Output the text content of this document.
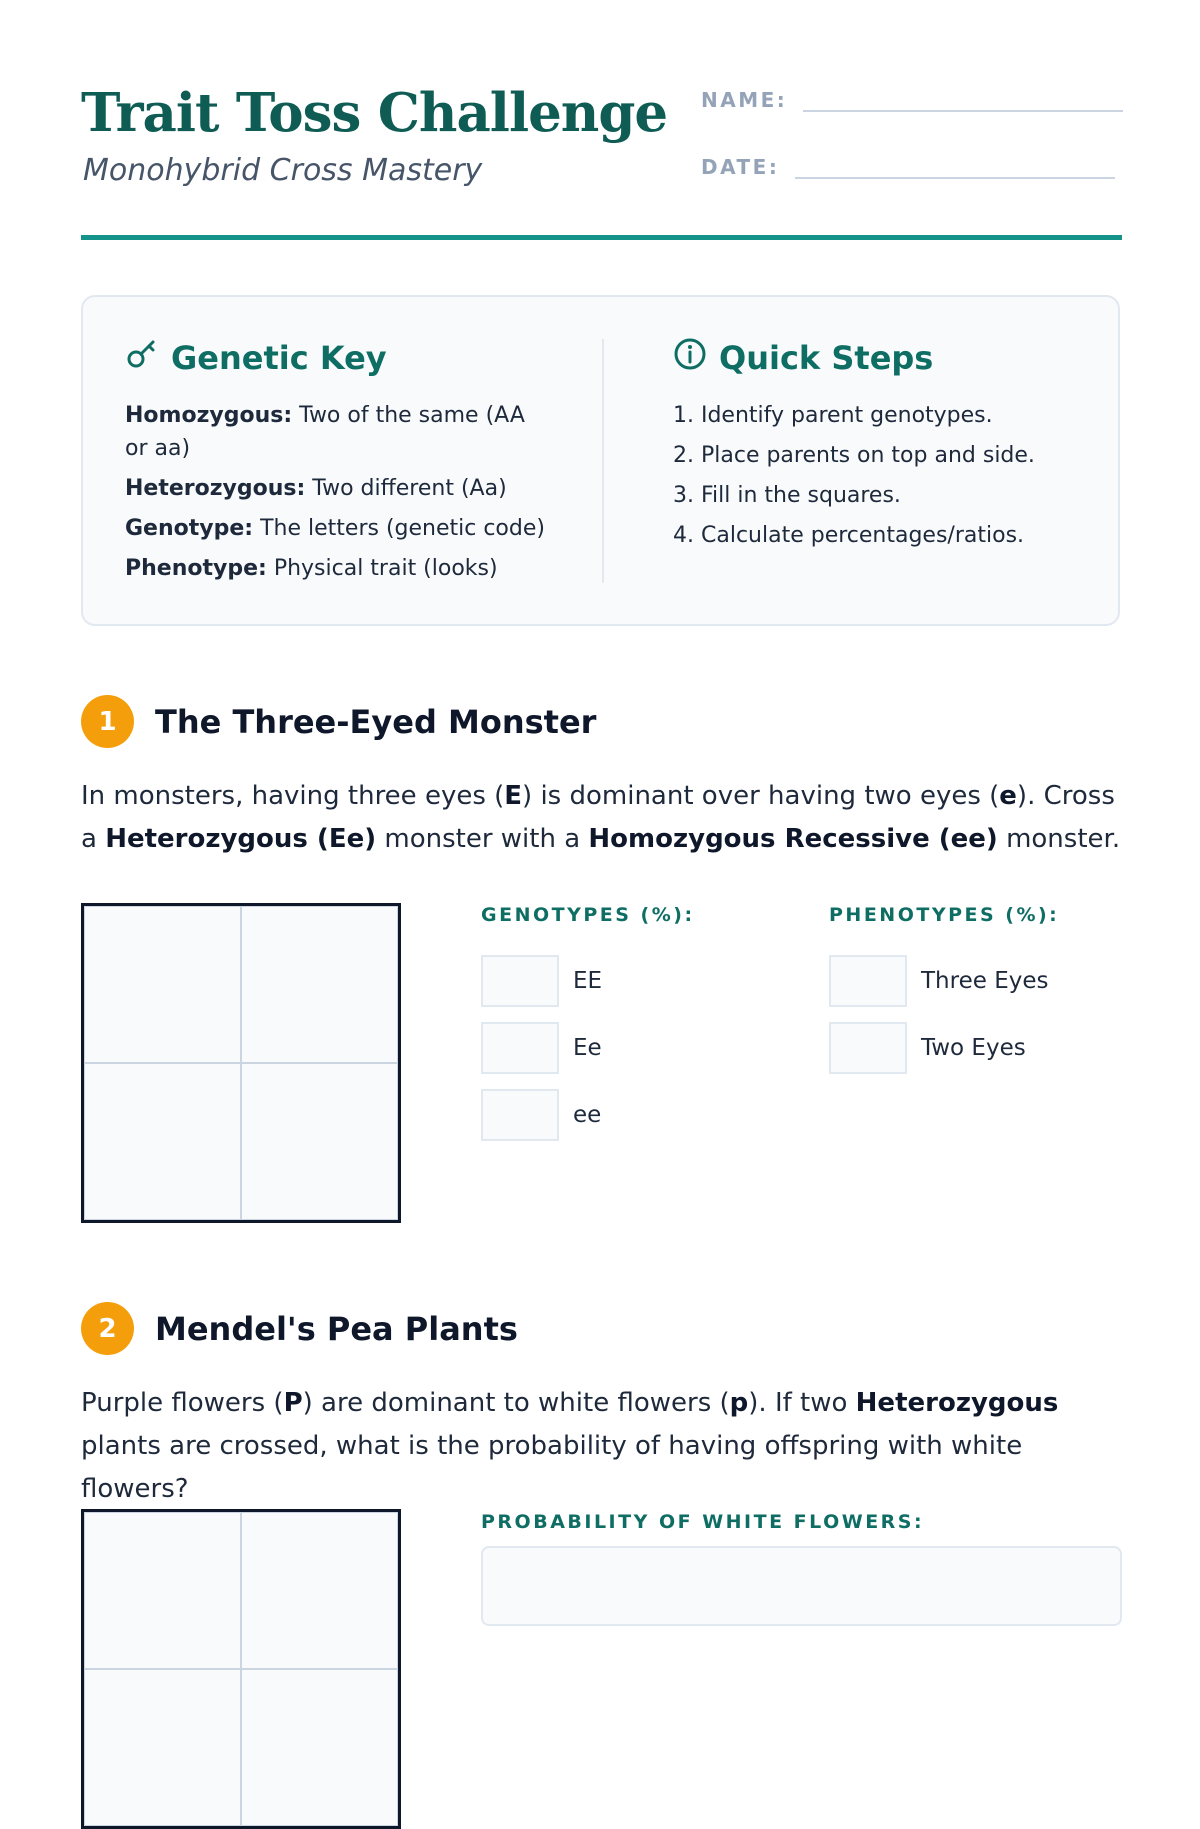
Trait Toss Challenge

Monohybrid Cross Mastery

NAME:
DATE:
Genetic Key
Homozygous: Two of the same (AA or aa)
Heterozygous: Two different (Aa)
Genotype: The letters (genetic code)
Phenotype: Physical trait (looks)
Quick Steps
1. Identify parent genotypes.
2. Place parents on top and side.
3. Fill in the squares.
4. Calculate percentages/ratios.
1	The Three-Eyed Monster

In monsters, having three eyes (E) is dominant over having two eyes (e). Cross a Heterozygous (Ee) monster with a Homozygous Recessive (ee) monster.

GENOTYPES (%):

EE
Ee
ee

PHENOTYPES (%):

Three Eyes
Two Eyes
2	Mendel's Pea Plants

Purple flowers (P) are dominant to white flowers (p). If two Heterozygous plants are crossed, what is the probability of having offspring with white flowers?

PROBABILITY OF WHITE FLOWERS:
